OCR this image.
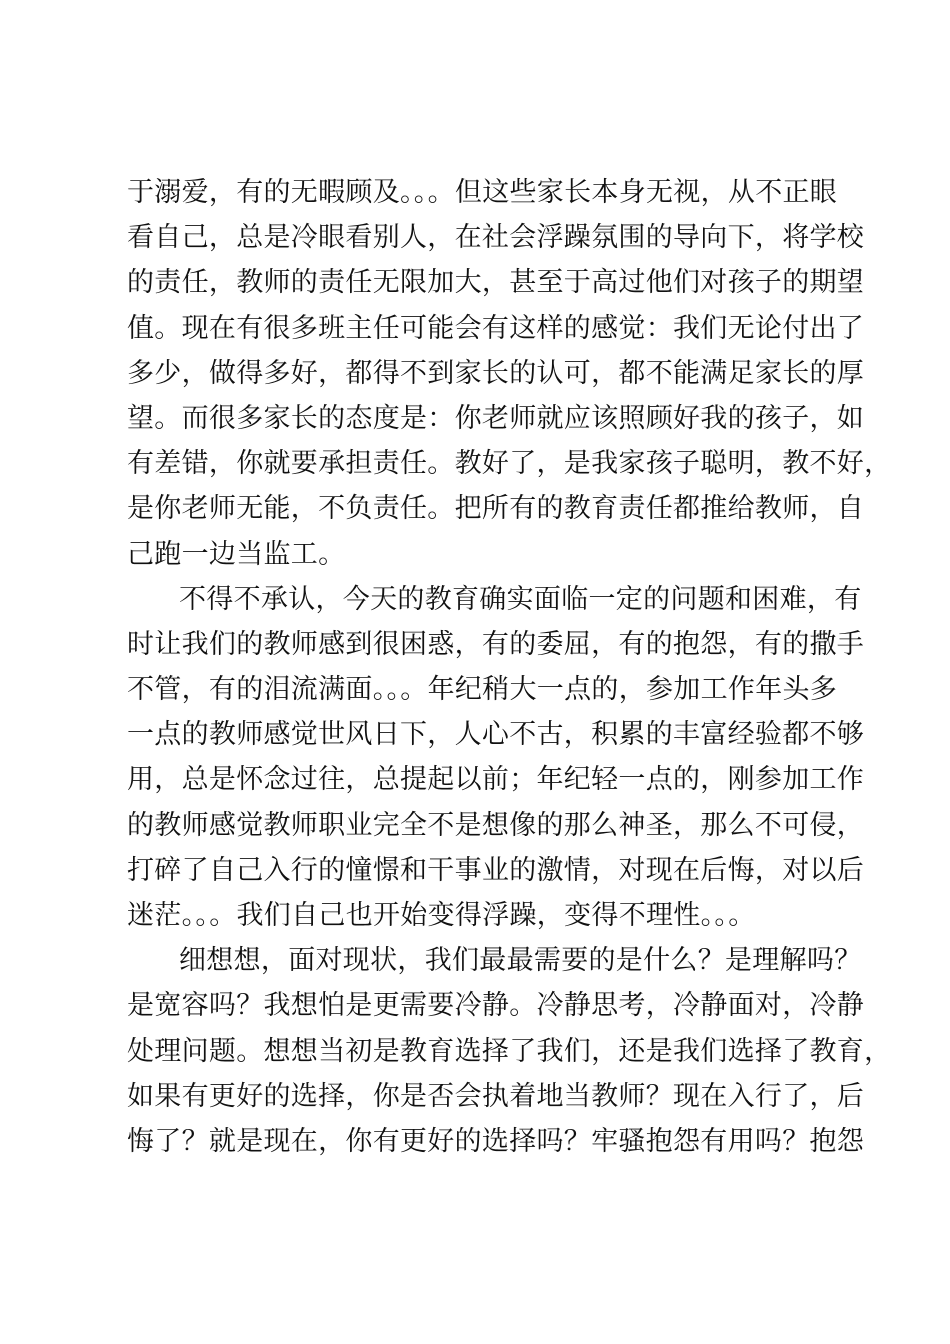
于溺爱，有的无暇顾及。。。但这些家长本身无视，从不正眼
看自己，总是冷眼看别人，在社会浮躁氛围的导向下，将学校
的责任，教师的责任无限加大，甚至于高过他们对孩子的期望
值。现在有很多班主任可能会有这样的感觉：我们无论付出了
多少，做得多好，都得不到家长的认可，都不能满足家长的厚
望。而很多家长的态度是：你老师就应该照顾好我的孩子，如
有差错，你就要承担责任。教好了，是我家孩子聪明，教不好，
是你老师无能，不负责任。把所有的教育责任都推给教师，自
己跑一边当监工。
不得不承认，今天的教育确实面临一定的问题和困难，有
时让我们的教师感到很困惑，有的委屈，有的抱怨，有的撒手
不管，有的泪流满面。。。年纪稍大一点的，参加工作年头多
一点的教师感觉世风日下，人心不古，积累的丰富经验都不够
用，总是怀念过往，总提起以前；年纪轻一点的，刚参加工作
的教师感觉教师职业完全不是想像的那么神圣，那么不可侵，
打碎了自己入行的憧憬和干事业的激情，对现在后悔，对以后
迷茫。。。我们自己也开始变得浮躁，变得不理性。。。
细想想，面对现状，我们最最需要的是什么？是理解吗？
是宽容吗？我想怕是更需要冷静。冷静思考，冷静面对，冷静
处理问题。想想当初是教育选择了我们，还是我们选择了教育，
如果有更好的选择，你是否会执着地当教师？现在入行了，后
悔了？就是现在，你有更好的选择吗？牢骚抱怨有用吗？抱怨
